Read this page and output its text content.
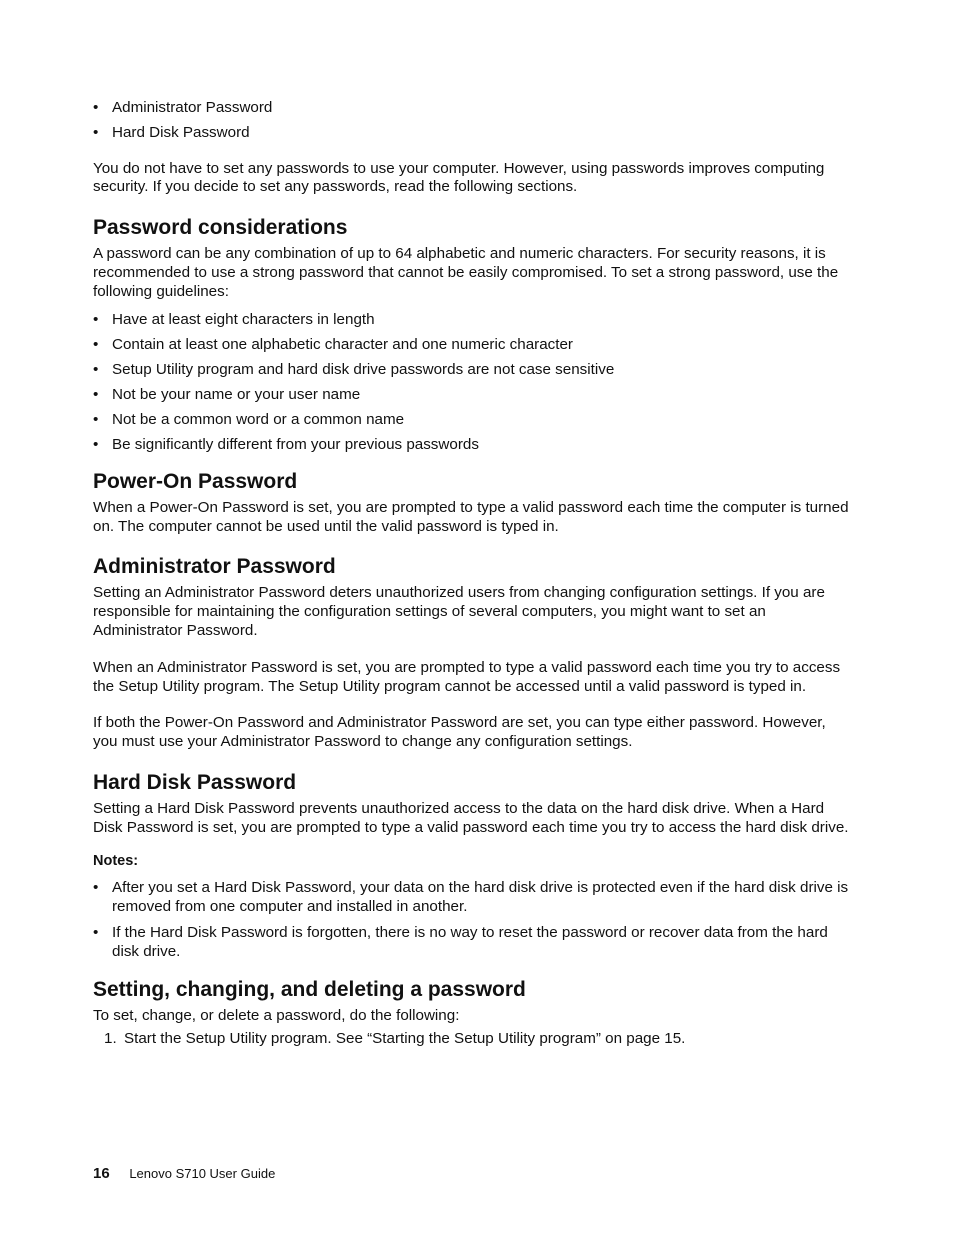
• Administrator Password
• Hard Disk Password

You do not have to set any passwords to use your computer. However, using passwords improves computing security. If you decide to set any passwords, read the following sections.

Password considerations

A password can be any combination of up to 64 alphabetic and numeric characters. For security reasons, it is recommended to use a strong password that cannot be easily compromised. To set a strong password, use the following guidelines:

• Have at least eight characters in length
• Contain at least one alphabetic character and one numeric character
• Setup Utility program and hard disk drive passwords are not case sensitive
• Not be your name or your user name
• Not be a common word or a common name
• Be significantly different from your previous passwords
Power-On Password

When a Power-On Password is set, you are prompted to type a valid password each time the computer is turned on. The computer cannot be used until the valid password is typed in.

Administrator Password

Setting an Administrator Password deters unauthorized users from changing configuration settings. If you are responsible for maintaining the configuration settings of several computers, you might want to set an Administrator Password.

When an Administrator Password is set, you are prompted to type a valid password each time you try to access the Setup Utility program. The Setup Utility program cannot be accessed until a valid password is typed in.

If both the Power-On Password and Administrator Password are set, you can type either password. However, you must use your Administrator Password to change any configuration settings.

Hard Disk Password

Setting a Hard Disk Password prevents unauthorized access to the data on the hard disk drive. When a Hard Disk Password is set, you are prompted to type a valid password each time you try to access the hard disk drive.

Notes:

• After you set a Hard Disk Password, your data on the hard disk drive is protected even if the hard disk drive is removed from one computer and installed in another.
• If the Hard Disk Password is forgotten, there is no way to reset the password or recover data from the hard disk drive.
Setting, changing, and deleting a password

To set, change, or delete a password, do the following:

1. Start the Setup Utility program. See “Starting the Setup Utility program” on page 15.
16 Lenovo S710 User Guide
